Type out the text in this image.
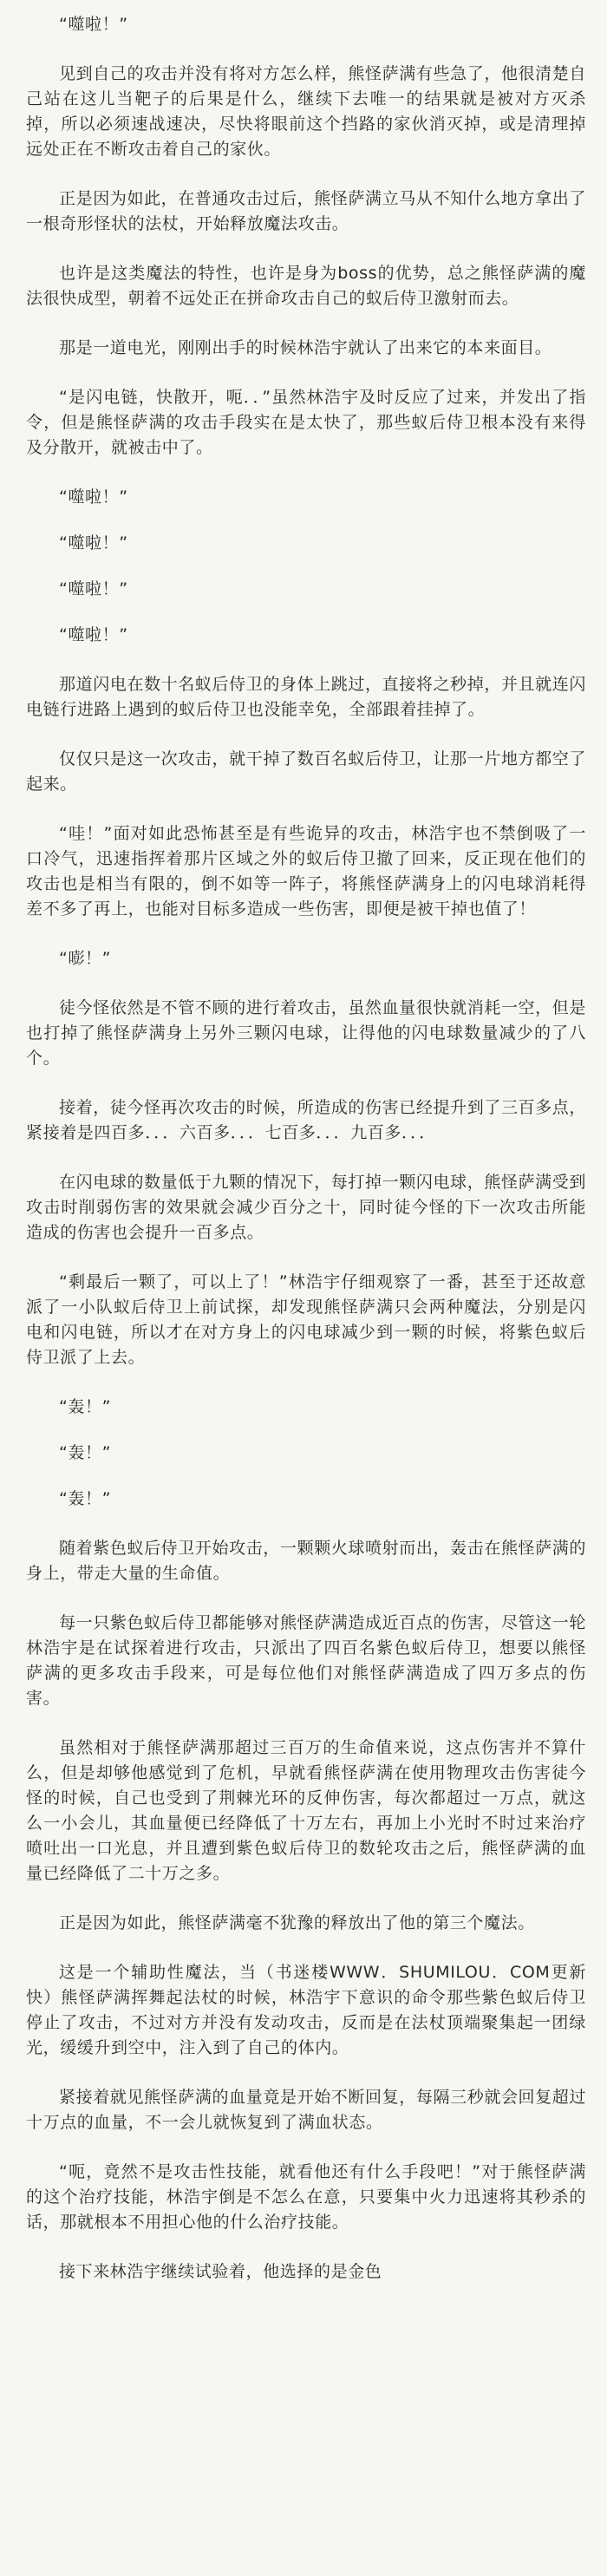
“噬啦！”

见到自己的攻击并没有将对方怎么样，熊怪萨满有些急了，他很清楚自己站在这儿当靶子的后果是什么，继续下去唯一的结果就是被对方灭杀掉，所以必须速战速决，尽快将眼前这个挡路的家伙消灭掉，或是清理掉远处正在不断攻击着自己的家伙。

正是因为如此，在普通攻击过后，熊怪萨满立马从不知什么地方拿出了一根奇形怪状的法杖，开始释放魔法攻击。

也许是这类魔法的特性，也许是身为boss的优势，总之熊怪萨满的魔法很快成型，朝着不远处正在拼命攻击自己的蚁后侍卫激射而去。

那是一道电光，刚刚出手的时候林浩宇就认了出来它的本来面目。

“是闪电链，快散开，呃．．”虽然林浩宇及时反应了过来，并发出了指令，但是熊怪萨满的攻击手段实在是太快了，那些蚁后侍卫根本没有来得及分散开，就被击中了。

“噬啦！”

“噬啦！”

“噬啦！”

“噬啦！”

那道闪电在数十名蚁后侍卫的身体上跳过，直接将之秒掉，并且就连闪电链行进路上遇到的蚁后侍卫也没能幸免，全部跟着挂掉了。

仅仅只是这一次攻击，就干掉了数百名蚁后侍卫，让那一片地方都空了起来。

“哇！”面对如此恐怖甚至是有些诡异的攻击，林浩宇也不禁倒吸了一口冷气，迅速指挥着那片区域之外的蚁后侍卫撤了回来，反正现在他们的攻击也是相当有限的，倒不如等一阵子，将熊怪萨满身上的闪电球消耗得差不多了再上，也能对目标多造成一些伤害，即便是被干掉也值了！

“嘭！”

徒今怪依然是不管不顾的进行着攻击，虽然血量很快就消耗一空，但是也打掉了熊怪萨满身上另外三颗闪电球，让得他的闪电球数量减少的了八个。

接着，徒今怪再次攻击的时候，所造成的伤害已经提升到了三百多点，紧接着是四百多．．．六百多．．．七百多．．．九百多．．．

在闪电球的数量低于九颗的情况下，每打掉一颗闪电球，熊怪萨满受到攻击时削弱伤害的效果就会减少百分之十，同时徒今怪的下一次攻击所能造成的伤害也会提升一百多点。

“剩最后一颗了，可以上了！”林浩宇仔细观察了一番，甚至于还故意派了一小队蚁后侍卫上前试探，却发现熊怪萨满只会两种魔法，分别是闪电和闪电链，所以才在对方身上的闪电球减少到一颗的时候，将紫色蚁后侍卫派了上去。

“轰！”

“轰！”

“轰！”

随着紫色蚁后侍卫开始攻击，一颗颗火球喷射而出，轰击在熊怪萨满的身上，带走大量的生命值。

每一只紫色蚁后侍卫都能够对熊怪萨满造成近百点的伤害，尽管这一轮林浩宇是在试探着进行攻击，只派出了四百名紫色蚁后侍卫，想要以熊怪萨满的更多攻击手段来，可是每位他们对熊怪萨满造成了四万多点的伤害。

虽然相对于熊怪萨满那超过三百万的生命值来说，这点伤害并不算什么，但是却够他感觉到了危机，早就看熊怪萨满在使用物理攻击伤害徒今怪的时候，自己也受到了荆棘光环的反伸伤害，每次都超过一万点，就这么一小会儿，其血量便已经降低了十万左右，再加上小光时不时过来治疗喷吐出一口光息，并且遭到紫色蚁后侍卫的数轮攻击之后，熊怪萨满的血量已经降低了二十万之多。

正是因为如此，熊怪萨满毫不犹豫的释放出了他的第三个魔法。

这是一个辅助性魔法，当（书迷楼WWW．SHUMILOU．COM更新快）熊怪萨满挥舞起法杖的时候，林浩宇下意识的命令那些紫色蚁后侍卫停止了攻击，不过对方并没有发动攻击，反而是在法杖顶端聚集起一团绿光，缓缓升到空中，注入到了自己的体内。

紧接着就见熊怪萨满的血量竟是开始不断回复，每隔三秒就会回复超过十万点的血量，不一会儿就恢复到了满血状态。

“呃，竟然不是攻击性技能，就看他还有什么手段吧！”对于熊怪萨满的这个治疗技能，林浩宇倒是不怎么在意，只要集中火力迅速将其秒杀的话，那就根本不用担心他的什么治疗技能。

接下来林浩宇继续试验着，他选择的是金色
